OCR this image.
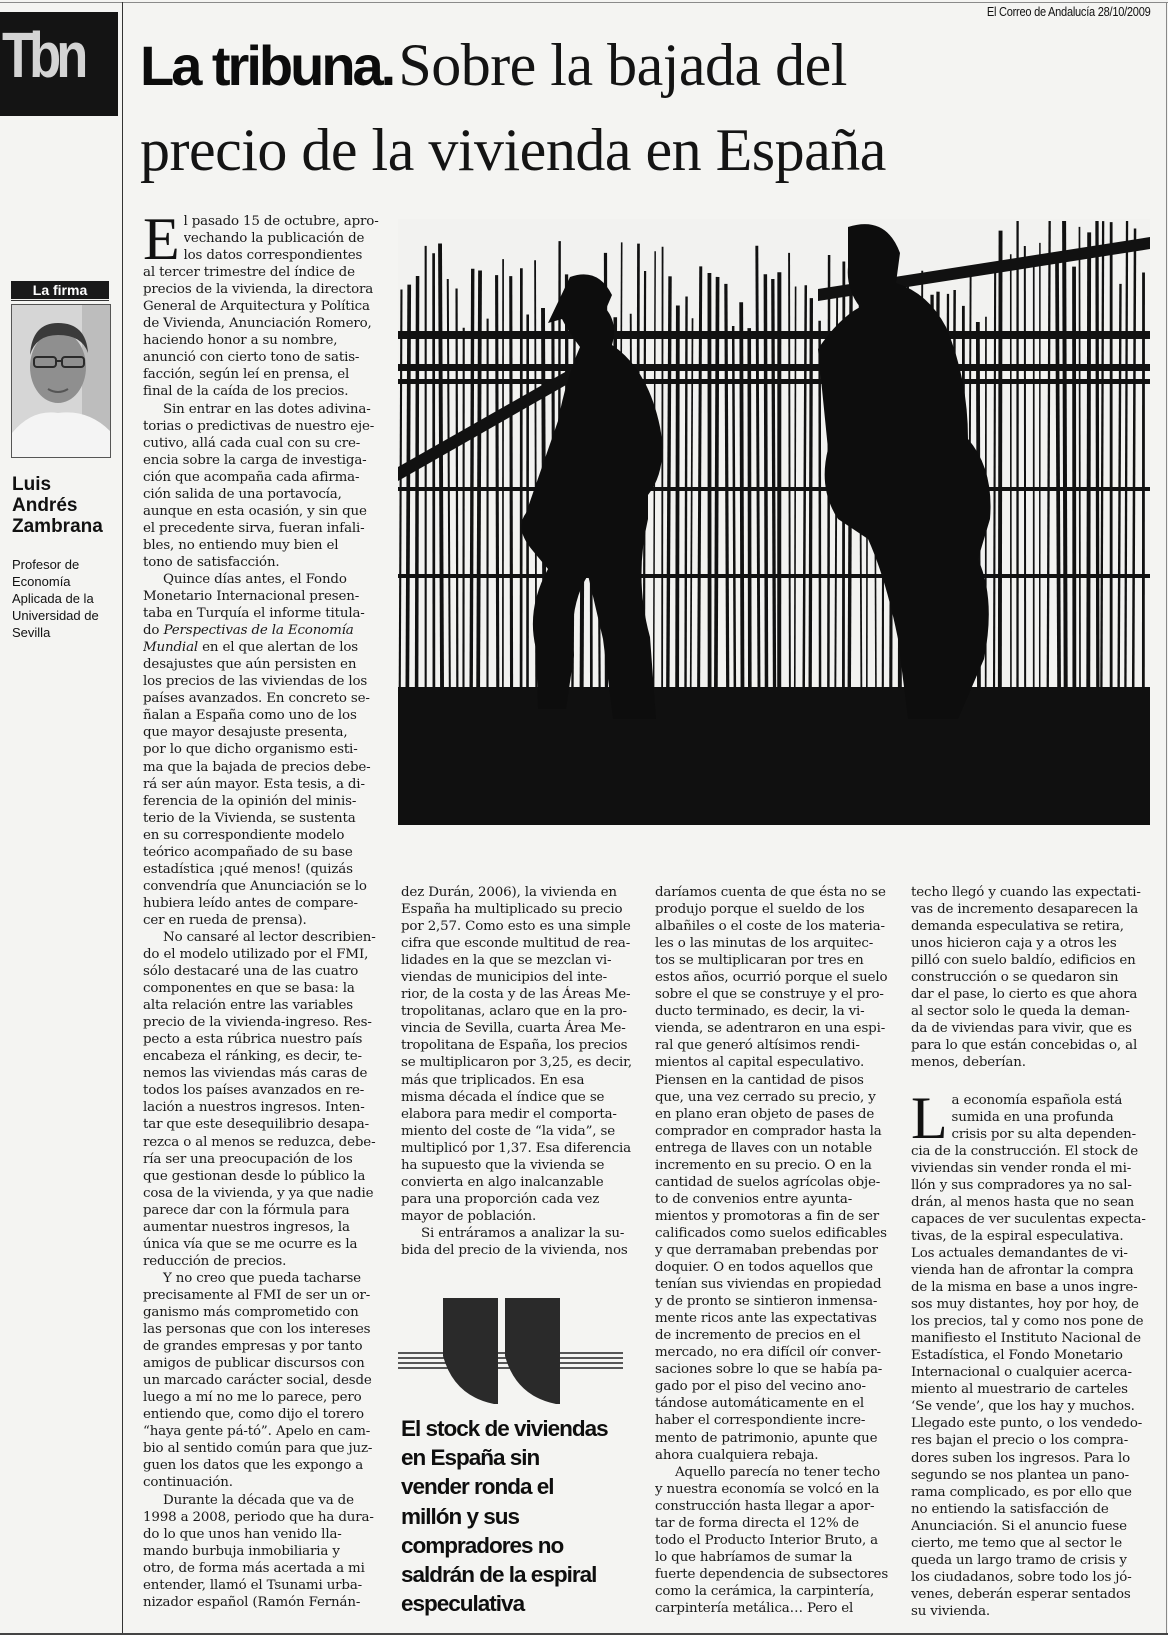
El Correo de Andalucía 28/10/2009
Tbn La tribuna. Sobre la bajada del
precio de la vivienda en España
La firma
Luis
Andrés
Zambrana
Profesor de
Economía
Aplicada de la
Universidad de
Sevilla
E l pasado 15 de octubre, apro-
vechando la publicación de
los datos correspondientes
al tercer trimestre del índice de
precios de la vivienda, la directora
General de Arquitectura y Política
de Vivienda, Anunciación Romero,
haciendo honor a su nombre,
anunció con cierto tono de satis-
facción, según leí en prensa, el
final de la caída de los precios.
Sin entrar en las dotes adivina-
torias o predictivas de nuestro eje-
cutivo, allá cada cual con su cre-
encia sobre la carga de investiga-
ción que acompaña cada afirma-
ción salida de una portavocía,
aunque en esta ocasión, y sin que
el precedente sirva, fueran infali-
bles, no entiendo muy bien el
tono de satisfacción.
Quince días antes, el Fondo
Monetario Internacional presen-
taba en Turquía el informe titula-
do Perspectivas de la Economía
Mundial en el que alertan de los
desajustes que aún persisten en
los precios de las viviendas de los
países avanzados. En concreto se-
ñalan a España como uno de los
que mayor desajuste presenta,
por lo que dicho organismo esti-
ma que la bajada de precios debe-
rá ser aún mayor. Esta tesis, a di-
ferencia de la opinión del minis-
terio de la Vivienda, se sustenta
en su correspondiente modelo
teórico acompañado de su base
estadística ¡qué menos! (quizás
convendría que Anunciación se lo
hubiera leído antes de compare-
cer en rueda de prensa).
No cansaré al lector describien-
do el modelo utilizado por el FMI,
sólo destacaré una de las cuatro
componentes en que se basa: la
alta relación entre las variables
precio de la vivienda-ingreso. Res-
pecto a esta rúbrica nuestro país
encabeza el ránking, es decir, te-
nemos las viviendas más caras de
todos los países avanzados en re-
lación a nuestros ingresos. Inten-
tar que este desequilibrio desapa-
rezca o al menos se reduzca, debe-
ría ser una preocupación de los
que gestionan desde lo público la
cosa de la vivienda, y ya que nadie
parece dar con la fórmula para
aumentar nuestros ingresos, la
única vía que se me ocurre es la
reducción de precios.
Y no creo que pueda tacharse
precisamente al FMI de ser un or-
ganismo más comprometido con
las personas que con los intereses
de grandes empresas y por tanto
amigos de publicar discursos con
un marcado carácter social, desde
luego a mí no me lo parece, pero
entiendo que, como dijo el torero
“haya gente pá-tó”. Apelo en cam-
bio al sentido común para que juz-
guen los datos que les expongo a
continuación.
Durante la década que va de
1998 a 2008, periodo que ha dura-
do lo que unos han venido lla-
mando burbuja inmobiliaria y
otro, de forma más acertada a mi
entender, llamó el Tsunami urba-
nizador español (Ramón Fernán-
dez Durán, 2006), la vivienda en
España ha multiplicado su precio
por 2,57. Como esto es una simple
cifra que esconde multitud de rea-
lidades en la que se mezclan vi-
viendas de municipios del inte-
rior, de la costa y de las Áreas Me-
tropolitanas, aclaro que en la pro-
vincia de Sevilla, cuarta Área Me-
tropolitana de España, los precios
se multiplicaron por 3,25, es decir,
más que triplicados. En esa
misma década el índice que se
elabora para medir el comporta-
miento del coste de “la vida”, se
multiplicó por 1,37. Esa diferencia
ha supuesto que la vivienda se
convierta en algo inalcanzable
para una proporción cada vez
mayor de población.
Si entráramos a analizar la su-
bida del precio de la vivienda, nos
El stock de viviendas
en España sin
vender ronda el
millón y sus
compradores no
saldrán de la espiral
especulativa
daríamos cuenta de que ésta no se
produjo porque el sueldo de los
albañiles o el coste de los materia-
les o las minutas de los arquitec-
tos se multiplicaran por tres en
estos años, ocurrió porque el suelo
sobre el que se construye y el pro-
ducto terminado, es decir, la vi-
vienda, se adentraron en una espi-
ral que generó altísimos rendi-
mientos al capital especulativo.
Piensen en la cantidad de pisos
que, una vez cerrado su precio, y
en plano eran objeto de pases de
comprador en comprador hasta la
entrega de llaves con un notable
incremento en su precio. O en la
cantidad de suelos agrícolas obje-
to de convenios entre ayunta-
mientos y promotoras a fin de ser
calificados como suelos edificables
y que derramaban prebendas por
doquier. O en todos aquellos que
tenían sus viviendas en propiedad
y de pronto se sintieron inmensa-
mente ricos ante las expectativas
de incremento de precios en el
mercado, no era difícil oír conver-
saciones sobre lo que se había pa-
gado por el piso del vecino ano-
tándose automáticamente en el
haber el correspondiente incre-
mento de patrimonio, apunte que
ahora cualquiera rebaja.
Aquello parecía no tener techo
y nuestra economía se volcó en la
construcción hasta llegar a apor-
tar de forma directa el 12% de
todo el Producto Interior Bruto, a
lo que habríamos de sumar la
fuerte dependencia de subsectores
como la cerámica, la carpintería,
carpintería metálica… Pero el
techo llegó y cuando las expectati-
vas de incremento desaparecen la
demanda especulativa se retira,
unos hicieron caja y a otros les
pilló con suelo baldío, edificios en
construcción o se quedaron sin
dar el pase, lo cierto es que ahora
al sector solo le queda la deman-
da de viviendas para vivir, que es
para lo que están concebidas o, al
menos, deberían.
L a economía española está
sumida en una profunda
crisis por su alta dependen-
cia de la construcción. El stock de
viviendas sin vender ronda el mi-
llón y sus compradores ya no sal-
drán, al menos hasta que no sean
capaces de ver suculentas expecta-
tivas, de la espiral especulativa.
Los actuales demandantes de vi-
vienda han de afrontar la compra
de la misma en base a unos ingre-
sos muy distantes, hoy por hoy, de
los precios, tal y como nos pone de
manifiesto el Instituto Nacional de
Estadística, el Fondo Monetario
Internacional o cualquier acerca-
miento al muestrario de carteles
‘Se vende’, que los hay y muchos.
Llegado este punto, o los vendedo-
res bajan el precio o los compra-
dores suben los ingresos. Para lo
segundo se nos plantea un pano-
rama complicado, es por ello que
no entiendo la satisfacción de
Anunciación. Si el anuncio fuese
cierto, me temo que al sector le
queda un largo tramo de crisis y
los ciudadanos, sobre todo los jó-
venes, deberán esperar sentados
su vivienda.
